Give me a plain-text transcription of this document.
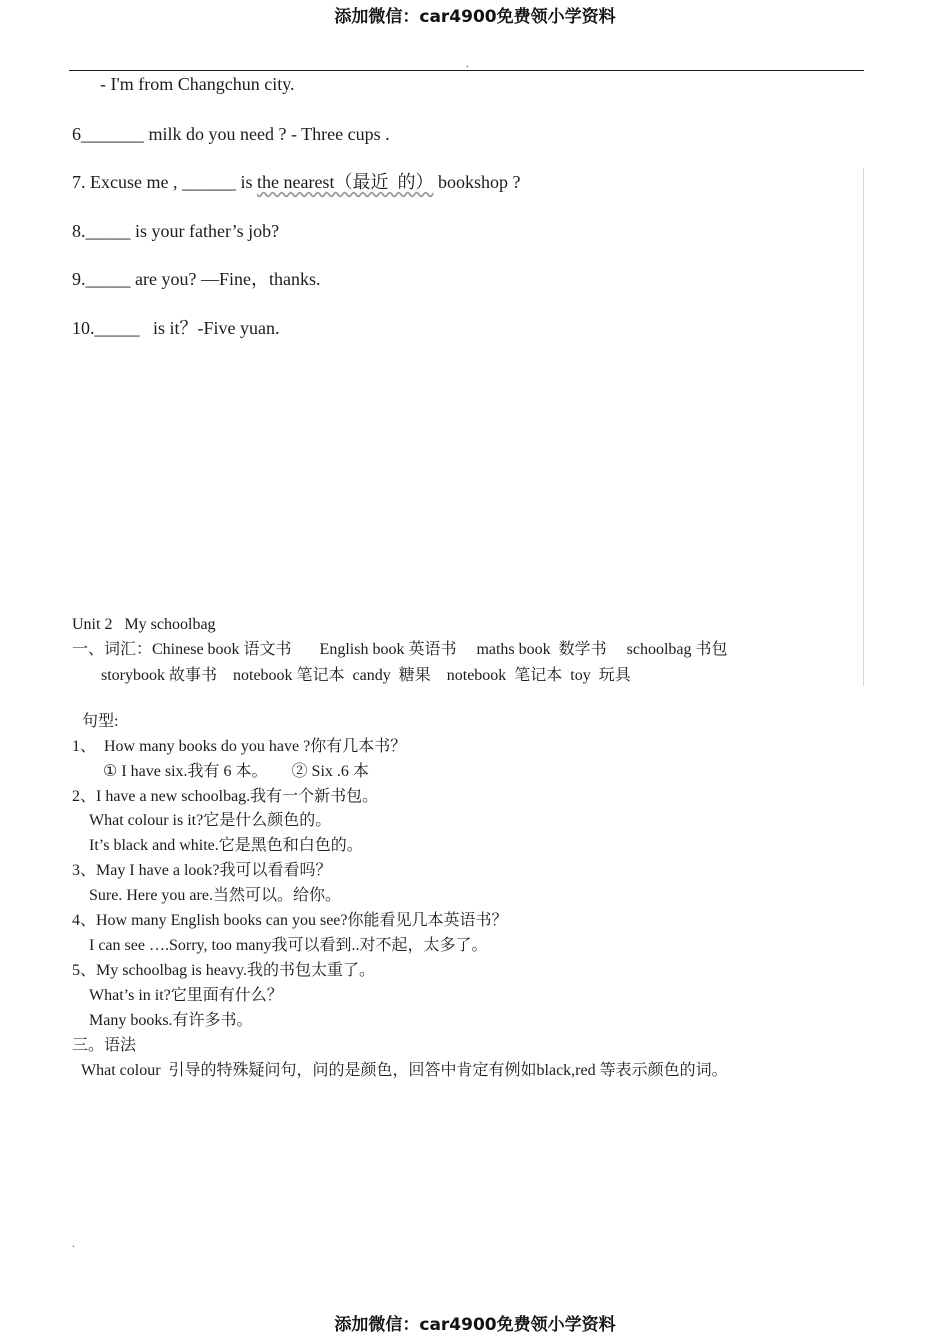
添加微信：car4900免费领小学资料
.
- I'm from Changchun city.
6_______ milk do you need ? - Three cups .
7. Excuse me , ______ is the nearest（最近  的） bookshop ?
8._____ is your father’s job?
9._____ are you? —Fine，thanks.
10._____   is it？-Five yuan.
Unit 2   My schoolbag
一、词汇：Chinese book 语文书       English book 英语书     maths book  数学书     schoolbag 书包
storybook 故事书    notebook 笔记本  candy  糖果    notebook  笔记本  toy  玩具
句型:
1、  How many books do you have ?你有几本书？
① I have six.我有 6 本。      ② Six .6 本
2、I have a new schoolbag.我有一个新书包。
What colour is it?它是什么颜色的。
It’s black and white.它是黑色和白色的。
3、May I have a look?我可以看看吗？
Sure. Here you are.当然可以。给你。
4、How many English books can you see?你能看见几本英语书？
I can see ….Sorry, too many我可以看到..对不起，太多了。
5、My schoolbag is heavy.我的书包太重了。
What’s in it?它里面有什么？
Many books.有许多书。
三。语法
What colour  引导的特殊疑问句，问的是颜色，回答中肯定有例如black,red 等表示颜色的词。
.
添加微信：car4900免费领小学资料
